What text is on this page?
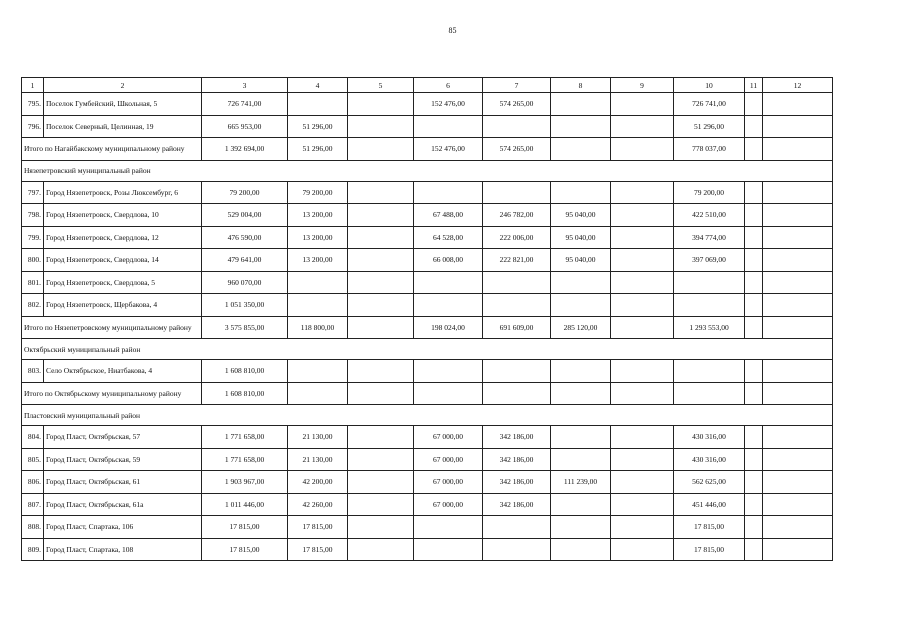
85
1	2	3	4	5	6	7	8	9	10	11	12
795.	Поселок Гумбейский, Школьная, 5	726 741,00			152 476,00	574 265,00			726 741,00		
796.	Поселок Северный, Целинная, 19	665 953,00	51 296,00						51 296,00		
Итого по Нагайбакскому муниципальному району		1 392 694,00	51 296,00		152 476,00	574 265,00			778 037,00		
Нязепетровский муниципальный район											
797.	Город Нязепетровск, Розы Люксембург, 6	79 200,00	79 200,00						79 200,00		
798.	Город Нязепетровск, Свердлова, 10	529 004,00	13 200,00		67 488,00	246 782,00	95 040,00		422 510,00		
799.	Город Нязепетровск, Свердлова, 12	476 590,00	13 200,00		64 528,00	222 006,00	95 040,00		394 774,00		
800.	Город Нязепетровск, Свердлова, 14	479 641,00	13 200,00		66 008,00	222 821,00	95 040,00		397 069,00		
801.	Город Нязепетровск, Свердлова, 5	960 070,00									
802.	Город Нязепетровск, Щербакова, 4	1 051 350,00									
Итого по Нязепетровскому муниципальному району		3 575 855,00	118 800,00		198 024,00	691 609,00	285 120,00		1 293 553,00		
Октябрьский муниципальный район											
803.	Село Октябрьское, Ниатбакова, 4	1 608 810,00									
Итого по Октябрьскому муниципальному району		1 608 810,00									
Пластовский муниципальный район											
804.	Город Пласт, Октябрьская, 57	1 771 658,00	21 130,00		67 000,00	342 186,00			430 316,00		
805.	Город Пласт, Октябрьская, 59	1 771 658,00	21 130,00		67 000,00	342 186,00			430 316,00		
806.	Город Пласт, Октябрьская, 61	1 903 967,00	42 200,00		67 000,00	342 186,00	111 239,00		562 625,00		
807.	Город Пласт, Октябрьская, 61а	1 011 446,00	42 260,00		67 000,00	342 186,00			451 446,00		
808.	Город Пласт, Спартака, 106	17 815,00	17 815,00						17 815,00		
809.	Город Пласт, Спартака, 108	17 815,00	17 815,00						17 815,00		
